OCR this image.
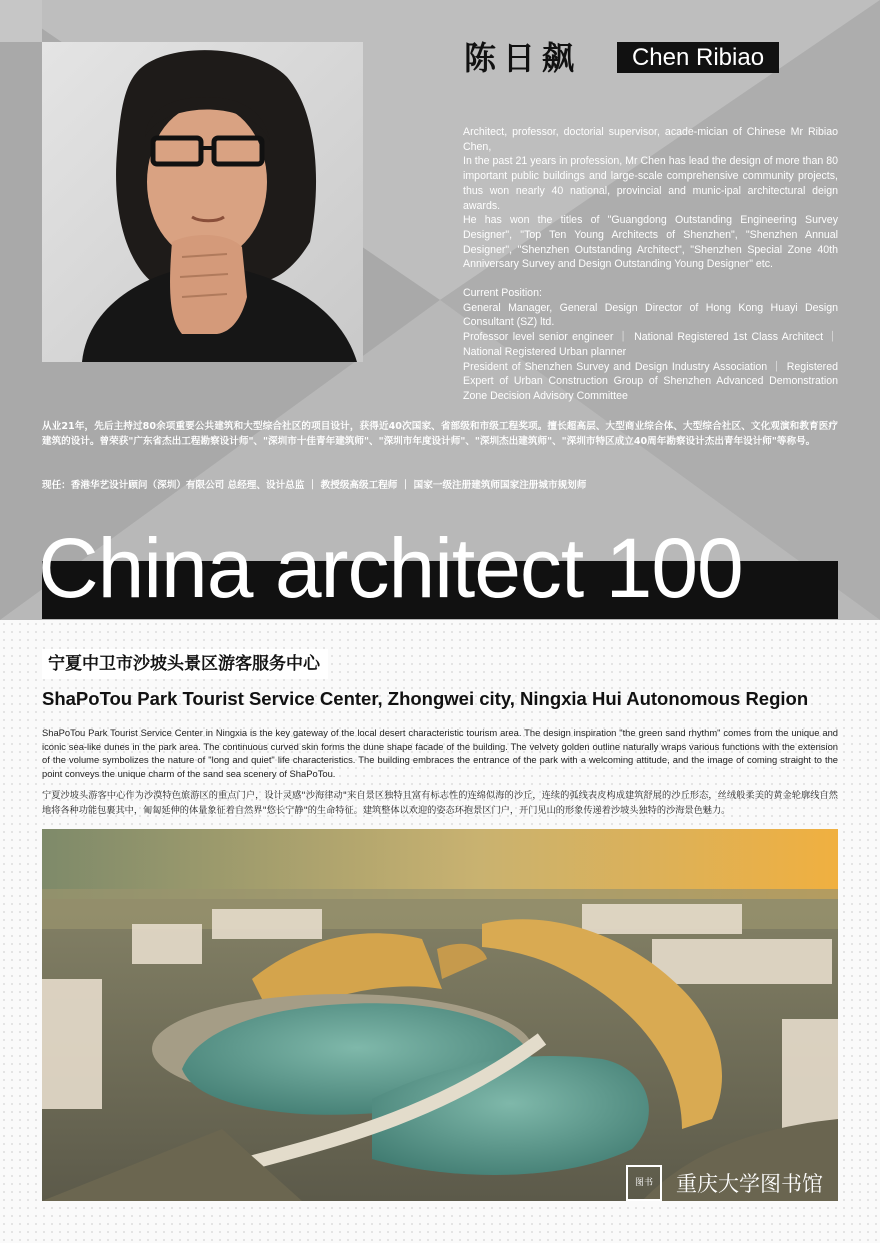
陈日飙	Chen Ribiao

Architect, professor, doctorial supervisor, acade-mician of Chinese Mr Ribiao Chen,

In the past 21 years in profession, Mr Chen has lead the design of more than 80 important public buildings and large-scale comprehensive community projects, thus won nearly 40 national, provincial and munic-ipal architectural deign awards.

He has won the titles of "Guangdong Outstanding Engineering Survey Designer", "Top Ten Young Architects of Shenzhen", "Shenzhen Annual Designer", "Shenzhen Outstanding Architect", "Shenzhen Special Zone 40th Anniversary Survey and Design Outstanding Young Designer" etc.

Current Position:

General Manager, General Design Director of Hong Kong Huayi Design Consultant (SZ) ltd.

Professor level senior engineer ｜ National Registered 1st Class Architect ｜ National Registered Urban planner

President of Shenzhen Survey and Design Industry Association ｜ Registered Expert of Urban Construction Group of Shenzhen Advanced Demonstration Zone Decision Advisory Committee

从业21年，先后主持过80余项重要公共建筑和大型综合社区的项目设计，获得近40次国家、省部级和市级工程奖项。擅长超高层、大型商业综合体、大型综合社区、文化观演和教育医疗建筑的设计。曾荣获"广东省杰出工程勘察设计师"、"深圳市十佳青年建筑师"、"深圳市年度设计师"、"深圳杰出建筑师"、"深圳市特区成立40周年勘察设计杰出青年设计师"等称号。
现任：香港华艺设计顾问（深圳）有限公司 总经理、设计总监 ｜ 教授级高级工程师 ｜ 国家一级注册建筑师国家注册城市规划师
China architect 100
宁夏中卫市沙坡头景区游客服务中心
ShaPoTou Park Tourist Service Center, Zhongwei city, Ningxia Hui Autonomous Region
ShaPoTou Park Tourist Service Center in Ningxia is the key gateway of the local desert characteristic tourism area. The design inspiration "the green sand rhythm" comes from the unique and iconic sea-like dunes in the park area. The continuous curved skin forms the dune shape facade of the building. The velvety golden outline naturally wraps various functions with the extension of the volume symbolizes the nature of "long and quiet" life characteristics. The building embraces the entrance of the park with a welcoming attitude, and the image of coming straight to the point conveys the unique charm of the sand sea scenery of ShaPoTou.
宁夏沙坡头游客中心作为沙漠特色旅游区的重点门户，设计灵感"沙海律动"来自景区独特且富有标志性的连绵似海的沙丘，连续的弧线表皮构成建筑舒展的沙丘形态，丝绒般柔美的黄金轮廓线自然地将各种功能包裹其中，匍匐延伸的体量象征着自然界"悠长宁静"的生命特征。建筑整体以欢迎的姿态环抱景区门户，开门见山的形象传递着沙坡头独特的沙海景色魅力。
图书	重庆大学图书馆
